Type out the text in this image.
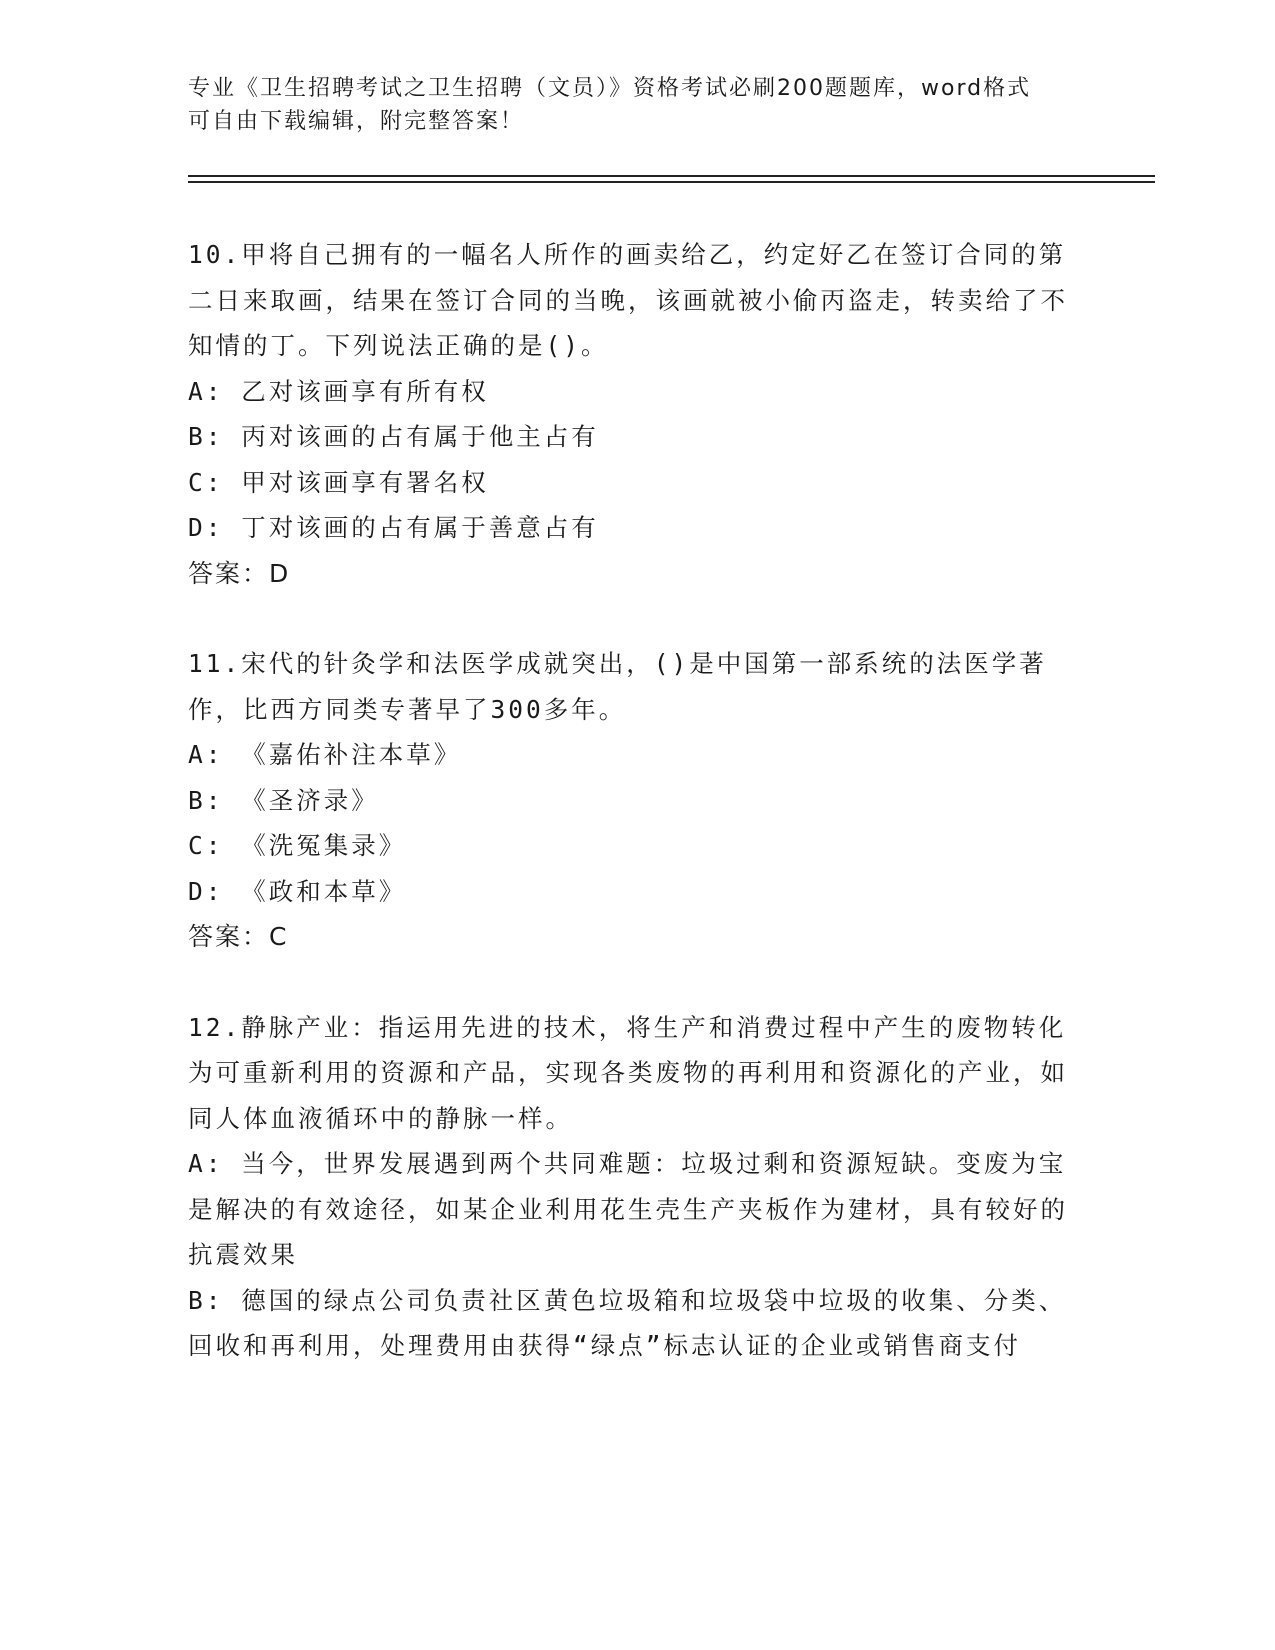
专业《卫生招聘考试之卫生招聘（文员）》资格考试必刷200题题库，word格式
可自由下载编辑，附完整答案！
10.甲将自己拥有的一幅名人所作的画卖给乙，约定好乙在签订合同的第二日来取画，结果在签订合同的当晚，该画就被小偷丙盗走，转卖给了不知情的丁。下列说法正确的是()。
A: 乙对该画享有所有权
B: 丙对该画的占有属于他主占有
C: 甲对该画享有署名权
D: 丁对该画的占有属于善意占有
答案：D
11.宋代的针灸学和法医学成就突出，()是中国第一部系统的法医学著作，比西方同类专著早了300多年。
A: 《嘉佑补注本草》
B: 《圣济录》
C: 《洗冤集录》
D: 《政和本草》
答案：C
12.静脉产业：指运用先进的技术，将生产和消费过程中产生的废物转化为可重新利用的资源和产品，实现各类废物的再利用和资源化的产业，如同人体血液循环中的静脉一样。
A: 当今，世界发展遇到两个共同难题：垃圾过剩和资源短缺。变废为宝是解决的有效途径，如某企业利用花生壳生产夹板作为建材，具有较好的抗震效果
B: 德国的绿点公司负责社区黄色垃圾箱和垃圾袋中垃圾的收集、分类、回收和再利用，处理费用由获得“绿点”标志认证的企业或销售商支付
